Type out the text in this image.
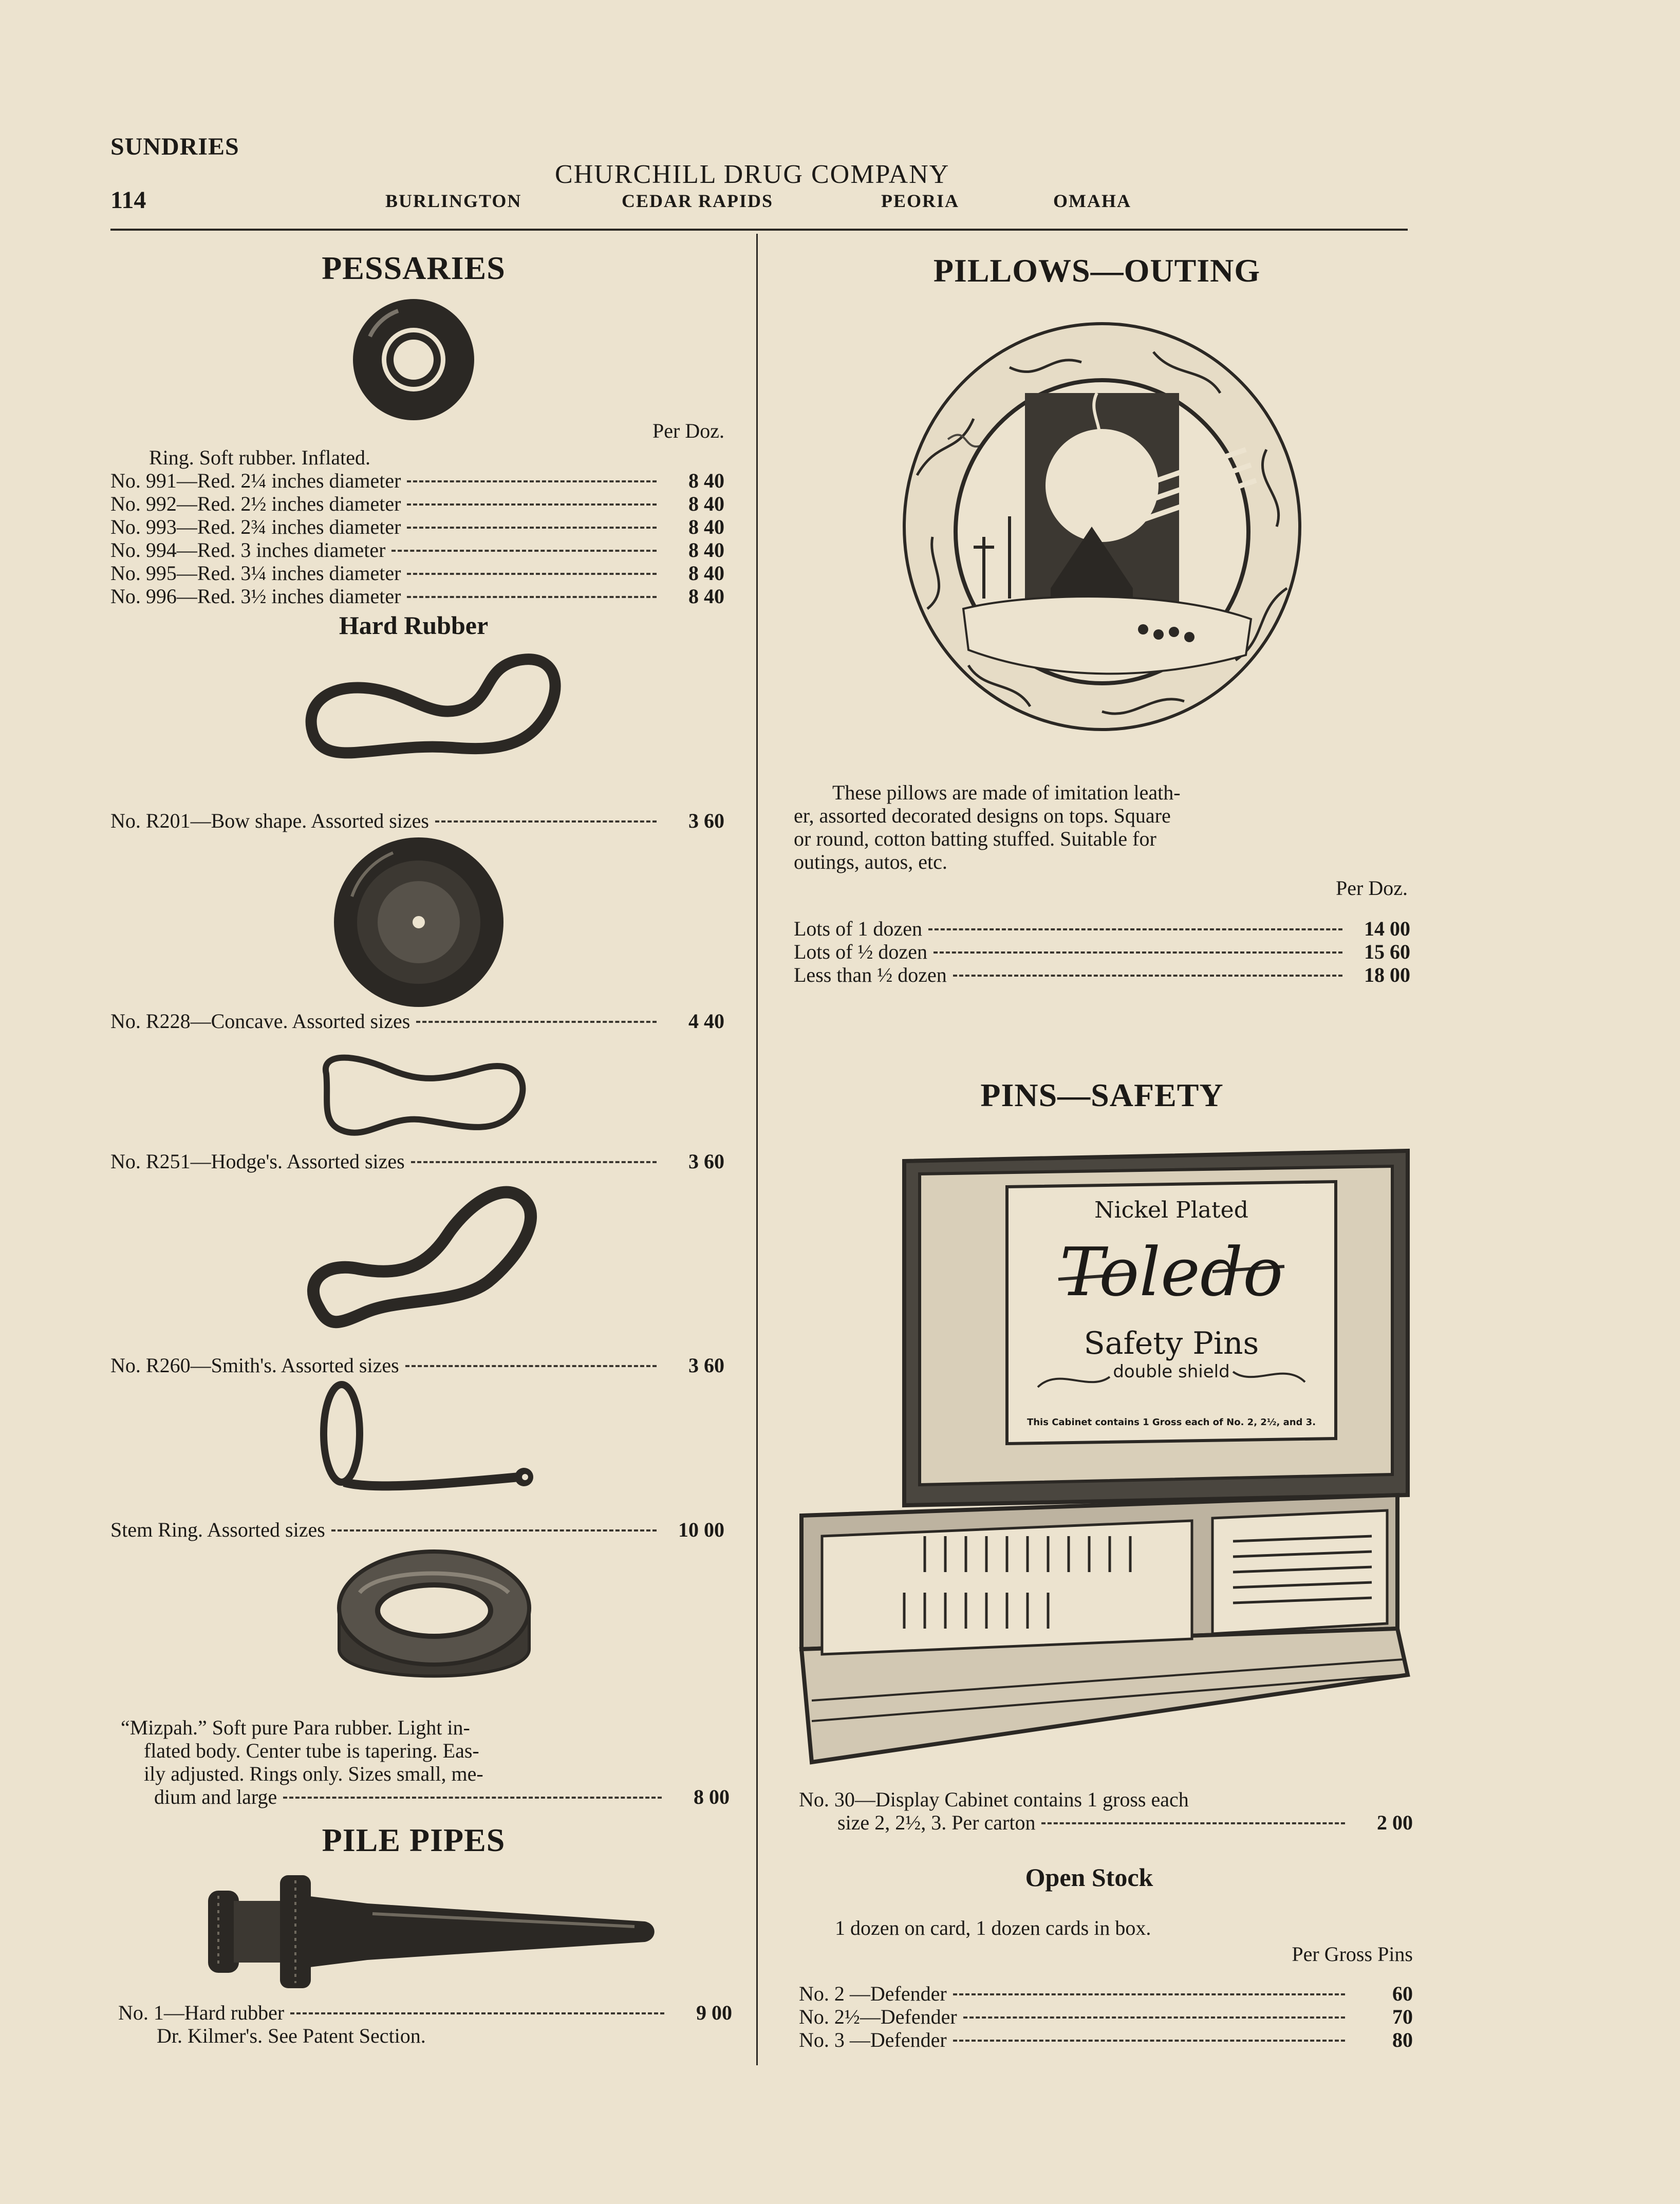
SUNDRIES
CHURCHILL DRUG COMPANY
114	BURLINGTON	CEDAR RAPIDS	PEORIA	OMAHA
PESSARIES
Per Doz.
Ring. Soft rubber. Inflated.
No. 991—Red. 2¼ inches diameter	8 40
No. 992—Red. 2½ inches diameter	8 40
No. 993—Red. 2¾ inches diameter	8 40
No. 994—Red. 3 inches diameter	8 40
No. 995—Red. 3¼ inches diameter	8 40
No. 996—Red. 3½ inches diameter	8 40
Hard Rubber
No. R201—Bow shape. Assorted sizes	3 60
No. R228—Concave. Assorted sizes	4 40
No. R251—Hodge's. Assorted sizes	3 60
No. R260—Smith's. Assorted sizes	3 60
Stem Ring. Assorted sizes	10 00
“Mizpah.” Soft pure Para rubber. Light in-
flated body. Center tube is tapering. Eas-
ily adjusted. Rings only. Sizes small, me-
dium and large	8 00
PILE PIPES
No. 1—Hard rubber	9 00
Dr. Kilmer's. See Patent Section.
PILLOWS—OUTING
These pillows are made of imitation leath-
er, assorted decorated designs on tops. Square
or round, cotton batting stuffed. Suitable for
outings, autos, etc.
Per Doz.
Lots of 1 dozen	14 00
Lots of ½ dozen	15 60
Less than ½ dozen	18 00
PINS—SAFETY
Nickel Plated
Toledo
Safety Pins
double shield
This Cabinet contains 1 Gross each of No. 2, 2½, and 3.
No. 30—Display Cabinet contains 1 gross each
size 2, 2½, 3. Per carton	2 00
Open Stock
1 dozen on card, 1 dozen cards in box.
Per Gross Pins
No. 2 —Defender	60
No. 2½—Defender	70
No. 3 —Defender	80
